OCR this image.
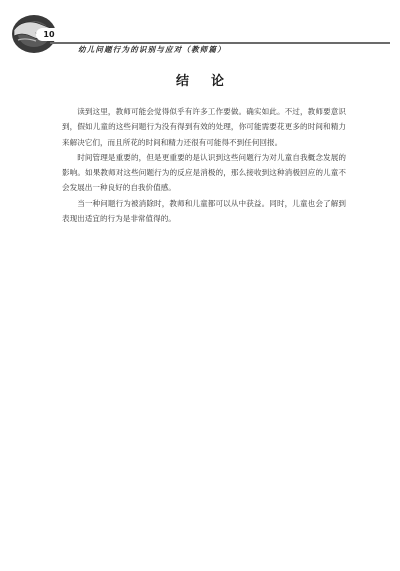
10
幼儿问题行为的识别与应对（教师篇）
结论

读到这里，教师可能会觉得似乎有许多工作要做。确实如此。不过，教师要意识到，假如儿童的这些问题行为没有得到有效的处理，你可能需要花更多的时间和精力来解决它们，而且所花的时间和精力还很有可能得不到任何回报。

时间管理是重要的，但是更重要的是认识到这些问题行为对儿童自我概念发展的影响。如果教师对这些问题行为的反应是消极的，那么接收到这种消极回应的儿童不会发展出一种良好的自我价值感。

当一种问题行为被消除时，教师和儿童都可以从中获益。同时，儿童也会了解到表现出适宜的行为是非常值得的。
